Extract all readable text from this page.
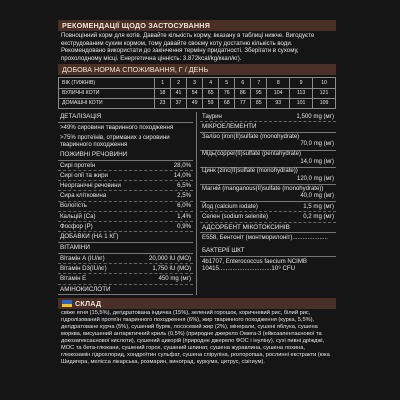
РЕКОМЕНДАЦІЇ ЩОДО ЗАСТОСУВАННЯ
Повноцінний корм для котів. Давайте кількість корму, вказану в таблиці нижче. Вигодуєте екструдованим сухим кормом, тому давайте своєму коту достатню кількість води. Рекомендовано використати до закінчення терміну придатності. Зберігати в сухому, прохолодному місці. Енергетична цінність: 3.872kcal/kg/ккал/кг).
ДОБОВА НОРМА СПОЖИВАННЯ, Г / ДЕНЬ
ВІК (ТИЖНІВ)	1	2	3	4	5	6	7	8	9	10
ВУЛИЧНІ КОТИ	18	41	54	65	76	86	95	104	113	121
ДОМАШНІ КОТИ	23	37	49	59	68	77	85	93	101	109
ДЕТАЛІЗАЦІЯ
>49% сировини тваринного походження
>75% протеїнів, отриманих з сировини тваринного походження
ПОЖИВНІ РЕЧОВИНИ
Сирі протеїн	28,0%
Сирі олії та жири	14,0%
Неорганічні речовини	6,5%
Сира клітковина	2,5%
Вологість	6,0%
Кальцій (Са)	1,4%
Фосфор (Р)	0,9%
ДОБАВКИ (НА 1 КГ)
ВІТАМІНИ
Вітамін А (IU/кг)	20,000 IU (MO)
Вітамін D3(IU/кг)	1,750 IU (MO)
Вітамін E	450 mg (мг)
АМІНОКИСЛОТИ
Таурин	1,500 mg (мг)
МІКРОЕЛЕМЕНТИ
Залізо (iron(II)sulfate (monohydrate)
70,0 mg (мг)
Мідь(copper(II)sulfate (pentahydrate)
14,0 mg (мг)
Цинк (zinc(II)sulfate (monohydrate))
120,0 mg (мг)
Магній (manganous(II)sulfate (monohydrate))
40,0 mg (мг)
Йод (calcium iodate)	1,5 mg (мг)
Селен (sodium selenite)	0,2 mg (мг)
АДСОРБЕНТ МІКОТОКСИНІВ
Е558, Бентоніт (монтморилоніт).....................
БАКТЕРІЇ ШКТ
4b1707, Enterococcus faecium NCIMB 10415...............................10⁹ CFU
СКЛАД
свіже ягня (15,5%), дегідратована індичка (15%), зелений горошок, коричневий рис, білий рис, гідролізований протеїн тваринного походження (6%), жир тваринного походження (курка, 5,5%), дегідратоване курча (5%), сушений буряк, лососевий жир (2%), мінерали, сушені яблука, сушена морква, висушений антарктичний криль (0,5%) (природне джерело Омега-3 (ейкозапентаєнової та докозагексаєнової кислоти), сушений цикорій (природне джерело ФОС і інуліну), сухі пивні дріжджі, МОС та бета-глюкани, сушений горох, сушений шпинат, сушена журавлина, сушена лохина, глюкозамін гідрохлорид, хондроїтин сульфат, сушена спіруліна, розторопша, рослинні екстракти (юка Шидигера, мелісса лікарська, розмарин, виноград, куркума, цитрус, сізігиум).
